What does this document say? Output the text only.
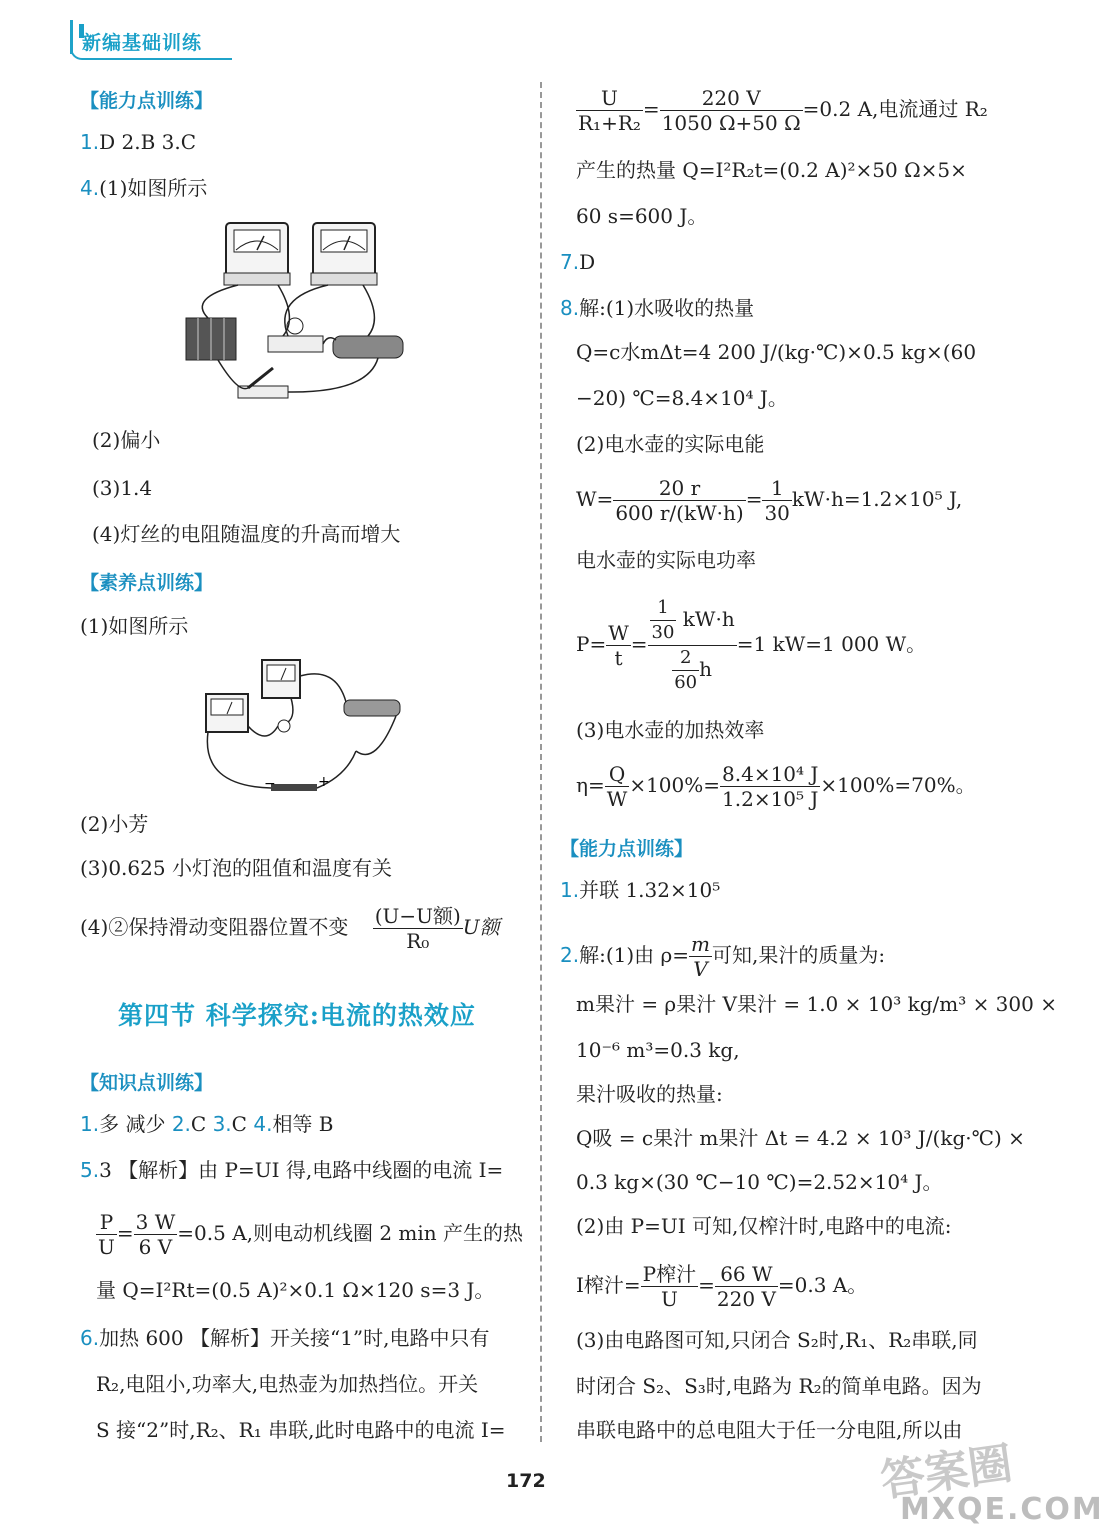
新编基础训练
【能力点训练】
1.D 2.B 3.C
4.(1)如图所示
(2)偏小
(3)1.4
(4)灯丝的电阻随温度的升高而增大
【素养点训练】
(1)如图所示
−	+
(2)小芳
(3)0.625 小灯泡的阻值和温度有关
(4)②保持滑动变阻器位置不变 $\frac{\text{(U−U额)}}{\text{R₀}}$ U额
第四节 科学探究:电流的热效应
【知识点训练】
1.多 减少 2.C 3.C 4.相等 B
5.3 【解析】由 P=UI 得,电路中线圈的电流 I=
$\frac{P}{U} = \frac{3 W}{6 V} =0.5$ A,则电动机线圈 2 min 产生的热
量 Q=I²Rt=(0.5 A)²×0.1 Ω×120 s=3 J。
6.加热 600 【解析】开关接“1”时,电路中只有
R₂,电阻小,功率大,电热壶为加热挡位。开关
S 接“2”时,R₂、R₁ 串联,此时电路中的电流 I=
$\frac{U}{\text{R₁+R₂}} = \frac{220 V}{1050 \Omega+50 \Omega} =0.2$ A,电流通过 R₂
产生的热量 Q=I²R₂t=(0.2 A)²×50 Ω×5×
60 s=600 J。
7.D
8.解:(1)水吸收的热量
Q=c水mΔt=4 200 J/(kg·℃)×0.5 kg×(60
−20) ℃=8.4×10⁴ J。
(2)电水壶的实际电能
$W= \frac{20 r}{600 r/(kW\cdot h)} = \frac{1}{30} kW\cdot h=1.2\times 10^5$ J,
电水壶的实际电功率
$P= \frac{W}{t} = \frac{\frac{1}{30} kW\cdot h}{\frac{2}{60} h} =1$ kW=1 000 W。
(3)电水壶的加热效率
$\eta= \frac{Q}{W} \times 100\%= \frac{\text{8.4×10⁴ J}}{\text{1.2×10⁵ J}} \times 100\%=70\%$。
【能力点训练】
1.并联 1.32×10⁵
2.解:(1)由 $\rho= \frac{m}{V}$ 可知,果汁的质量为:
m果汁 = ρ果汁 V果汁 = 1.0 × 10³ kg/m³ × 300 ×
10⁻⁶ m³=0.3 kg,
果汁吸收的热量:
Q吸 = c果汁 m果汁 Δt = 4.2 × 10³ J/(kg·℃) ×
0.3 kg×(30 ℃−10 ℃)=2.52×10⁴ J。
(2)由 P=UI 可知,仅榨汁时,电路中的电流:
I榨汁= $\frac{\text{P榨汁}}{U} = \frac{66 W}{220 V} =0.3$ A。
(3)由电路图可知,只闭合 S₂时,R₁、R₂串联,同
时闭合 S₂、S₃时,电路为 R₂的简单电路。因为
串联电路中的总电阻大于任一分电阻,所以由
172	答案圈
MXQE.COM
